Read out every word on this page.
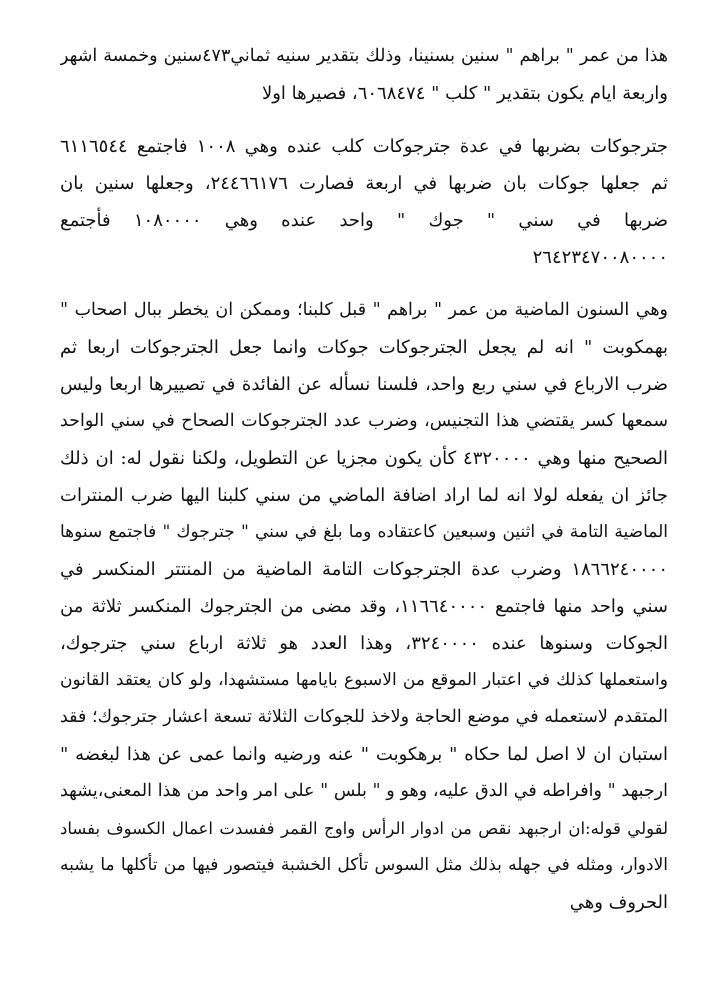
هذا من عمر " براهم " سنين بسنينا، وذلك بتقدير سنيه ثماني٤٧٣سنين وخمسة اشهر
واربعة ايام يكون بتقدير " كلب " ٦٠٦٨٤٧٤، فصيرها اولا
جترجوكات بضربها في عدة جترجوكات كلب عنده وهي ١٠٠٨ فاجتمع ٦١١٦٥٤٤
ثم جعلها جوكات بان ضربها في اربعة فصارت ٢٤٤٦٦١٧٦، وجعلها سنين بان
ضربها في سني " جوك " واحد عنده وهي ١٠٨٠٠٠٠ فأجتمع
٢٦٤٢٣٤٧٠٠٨٠٠٠٠
وهي السنون الماضية من عمر " براهم " قبل كلبنا؛ وممكن ان يخطر ببال اصحاب "
بهمكوبت " انه لم يجعل الجترجوكات جوكات وانما جعل الجترجوكات اربعا ثم
ضرب الارباع في سني ربع واحد، فلسنا نسأله عن الفائدة في تصييرها اربعا وليس
سمعها كسر يقتضي هذا التجنيس، وضرب عدد الجترجوكات الصحاح في سني الواحد
الصحيح منها وهي ٤٣٢٠٠٠٠ كأن يكون مجزيا عن التطويل، ولكنا نقول له: ان ذلك
جائز ان يفعله لولا انه لما اراد اضافة الماضي من سني كلبنا اليها ضرب المنترات
الماضية التامة في اثنين وسبعين كاعتقاده وما بلغ في سني " جترجوك " فاجتمع سنوها
١٨٦٦٢٤٠٠٠٠ وضرب عدة الجترجوكات التامة الماضية من المنتتر المنكسر في
سني واحد منها فاجتمع ١١٦٦٤٠٠٠٠، وقد مضى من الجترجوك المنكسر ثلاثة من
الجوكات وسنوها عنده ٣٢٤٠٠٠٠، وهذا العدد هو ثلاثة ارباع سني جترجوك،
واستعملها كذلك في اعتبار الموقع من الاسبوع بايامها مستشهدا، ولو كان يعتقد القانون
المتقدم لاستعمله في موضع الحاجة ولاخذ للجوكات الثلاثة تسعة اعشار جترجوك؛ فقد
استبان ان لا اصل لما حكاه " برهكوبت " عنه ورضيه وانما عمى عن هذا لبغضه "
ارجبهد " وافراطه في الدق عليه، وهو و " بلس " على امر واحد من هذا المعنى،يشهد
لقولي قوله:ان ارجبهد نقص من ادوار الرأس واوج القمر ففسدت اعمال الكسوف بفساد
الادوار، ومثله في جهله بذلك مثل السوس تأكل الخشبة فيتصور فيها من تأكلها ما يشبه
الحروف وهي
